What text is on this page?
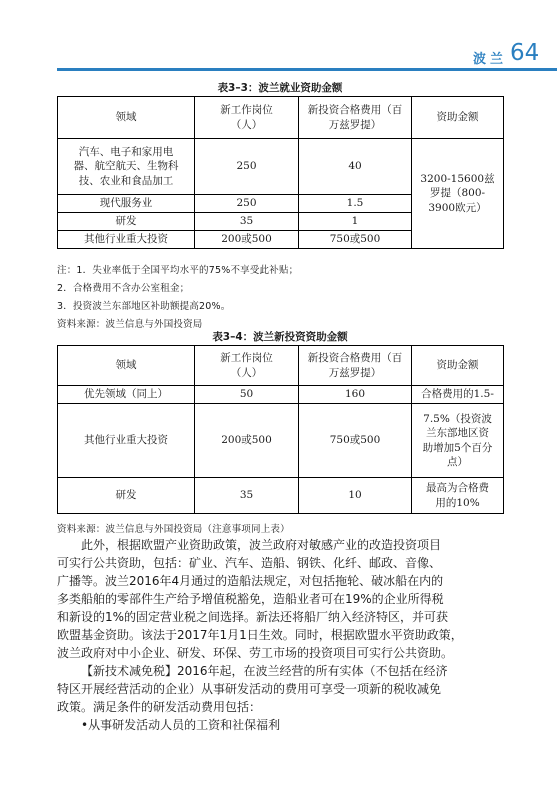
波兰 64
表3–3：波兰就业资助金额
领域	新工作岗位
（人）	新投资合格费用（百
万兹罗提）	资助金额
汽车、电子和家用电
器、航空航天、生物科
技、农业和食品加工	250	40	3200-15600兹
罗提（800-
3900欧元）
现代服务业	250	1.5	
研发	35	1	
其他行业重大投资	200或500	750或500	
注：1．失业率低于全国平均水平的75%不享受此补贴；
2．合格费用不含办公室租金；
3．投资波兰东部地区补助额提高20%。
资料来源：波兰信息与外国投资局
表3–4：波兰新投资资助金额
领域	新工作岗位
（人）	新投资合格费用（百
万兹罗提）	资助金额
优先领域（同上）	50	160	合格费用的1.5-
其他行业重大投资	200或500	750或500	7.5%（投资波
兰东部地区资
助增加5个百分
点）
研发	35	10	最高为合格费
用的10%
资料来源：波兰信息与外国投资局（注意事项同上表）
此外，根据欧盟产业资助政策，波兰政府对敏感产业的改造投资项目
可实行公共资助，包括：矿业、汽车、造船、钢铁、化纤、邮政、音像、
广播等。波兰2016年4月通过的造船法规定，对包括拖轮、破冰船在内的
多类船舶的零部件生产给予增值税豁免，造船业者可在19%的企业所得税
和新设的1%的固定营业税之间选择。新法还将船厂纳入经济特区，并可获
欧盟基金资助。该法于2017年1月1日生效。同时，根据欧盟水平资助政策，
波兰政府对中小企业、研发、环保、劳工市场的投资项目可实行公共资助。
【新技术减免税】2016年起，在波兰经营的所有实体（不包括在经济
特区开展经营活动的企业）从事研发活动的费用可享受一项新的税收减免
政策。满足条件的研发活动费用包括：
•从事研发活动人员的工资和社保福利
